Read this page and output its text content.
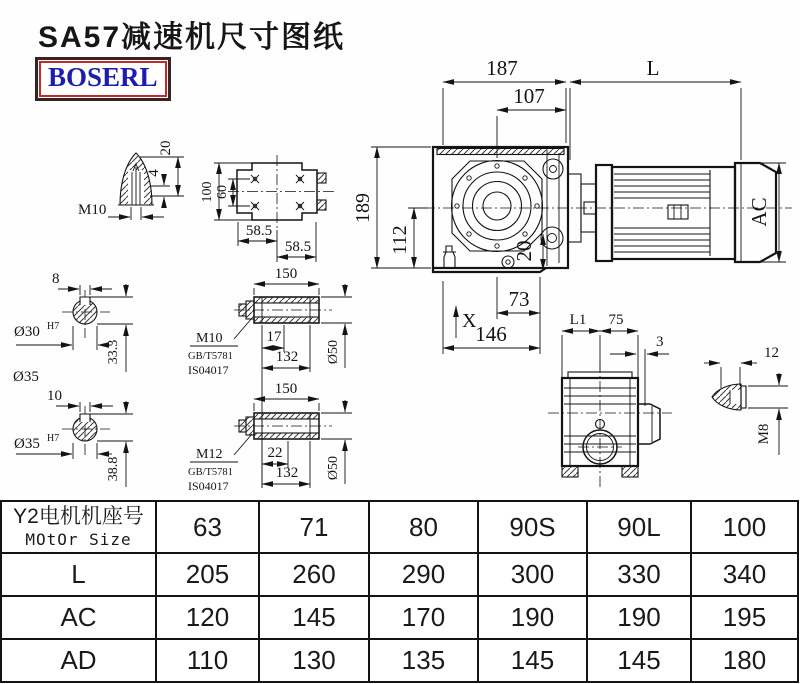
SA57减速机尺寸图纸
BOSERL	187	L
107
189
112	20
73
146
X
AC
M10
4
20
100 60
58.5
58.5
8
Ø30 H7
33.3
Ø35
150
17
132 Ø50
M10
GB/T5781
IS04017
10
Ø35 H7
38.8
150
22
132 Ø50
M12
GB/T5781
IS04017
L1 75
3
12
M8
Y2电机机座号
MOtOr Size	63	71	80	90S	90L	100
L	205	260	290	300	330	340
AC	120	145	170	190	190	195
AD	110	130	135	145	145	180
